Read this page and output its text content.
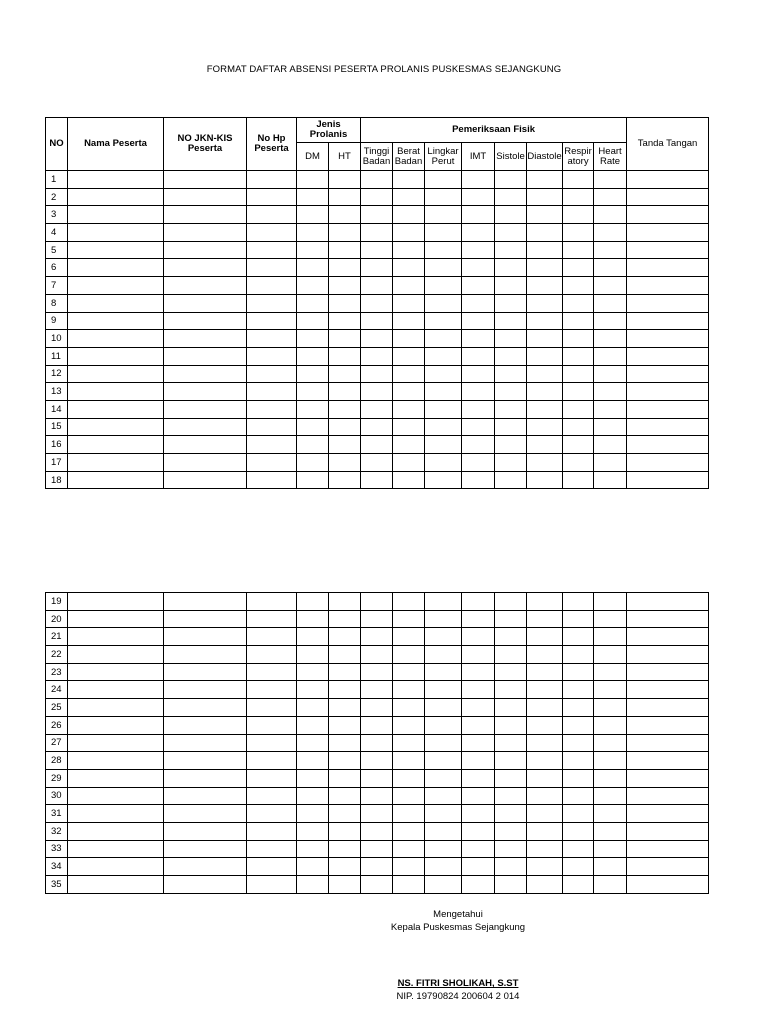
FORMAT DAFTAR ABSENSI PESERTA PROLANIS PUSKESMAS SEJANGKUNG
NO	Nama Peserta	NO JKN-KIS Peserta	No Hp Peserta	Jenis Prolanis		Pemeriksaan Fisik								Tanda Tangan
				DM	HT	Tinggi Badan	Berat Badan	Lingkar Perut	IMT	Sistole	Diastole	Respir atory	Heart Rate	
1														
2														
3														
4														
5														
6														
7														
8														
9														
10														
11														
12														
13														
14														
15														
16														
17														
18														
19														
20														
21														
22														
23														
24														
25														
26														
27														
28														
29														
30														
31														
32														
33														
34														
35														
Mengetahui
Kepala Puskesmas Sejangkung
NS. FITRI SHOLIKAH, S.ST
NIP. 19790824 200604 2 014
